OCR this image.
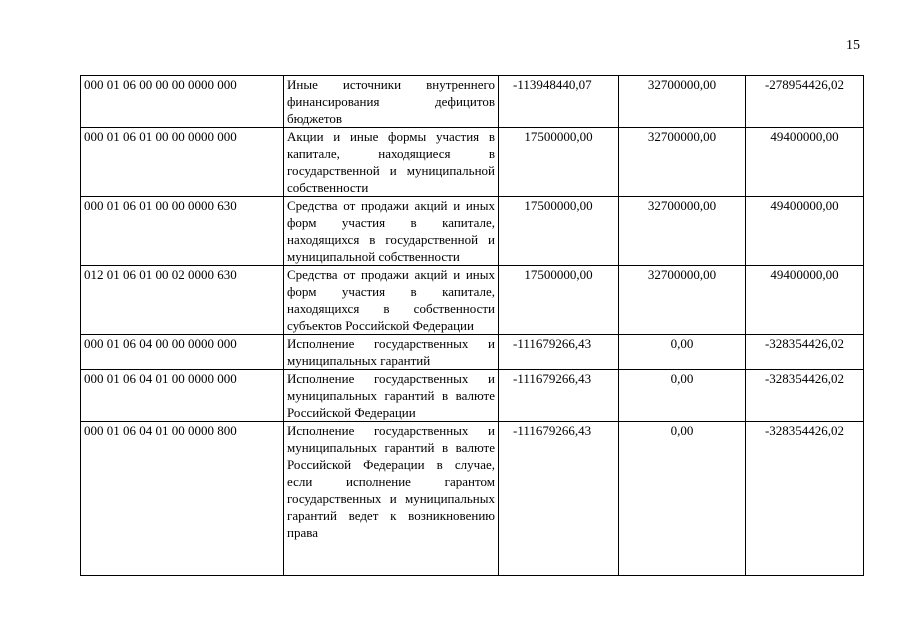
15
000 01 06 00 00 00 0000 000	Иные источники внутреннего финансирования дефицитов бюджетов	-113948440,07	32700000,00	-278954426,02
000 01 06 01 00 00 0000 000	Акции и иные формы участия в капитале, находящиеся в государственной и муниципальной собственности	17500000,00	32700000,00	49400000,00
000 01 06 01 00 00 0000 630	Средства от продажи акций и иных форм участия в капитале, находящихся в государственной и муниципальной собственности	17500000,00	32700000,00	49400000,00
012 01 06 01 00 02 0000 630	Средства от продажи акций и иных форм участия в капитале, находящихся в собственности субъектов Российской Федерации	17500000,00	32700000,00	49400000,00
000 01 06 04 00 00 0000 000	Исполнение государственных и муниципальных гарантий	-111679266,43	0,00	-328354426,02
000 01 06 04 01 00 0000 000	Исполнение государственных и муниципальных гарантий в валюте Российской Федерации	-111679266,43	0,00	-328354426,02
000 01 06 04 01 00 0000 800	Исполнение государственных и муниципальных гарантий в валюте Российской Федерации в случае, если исполнение гарантом государственных и муниципальных гарантий ведет к возникновению права	-111679266,43	0,00	-328354426,02
